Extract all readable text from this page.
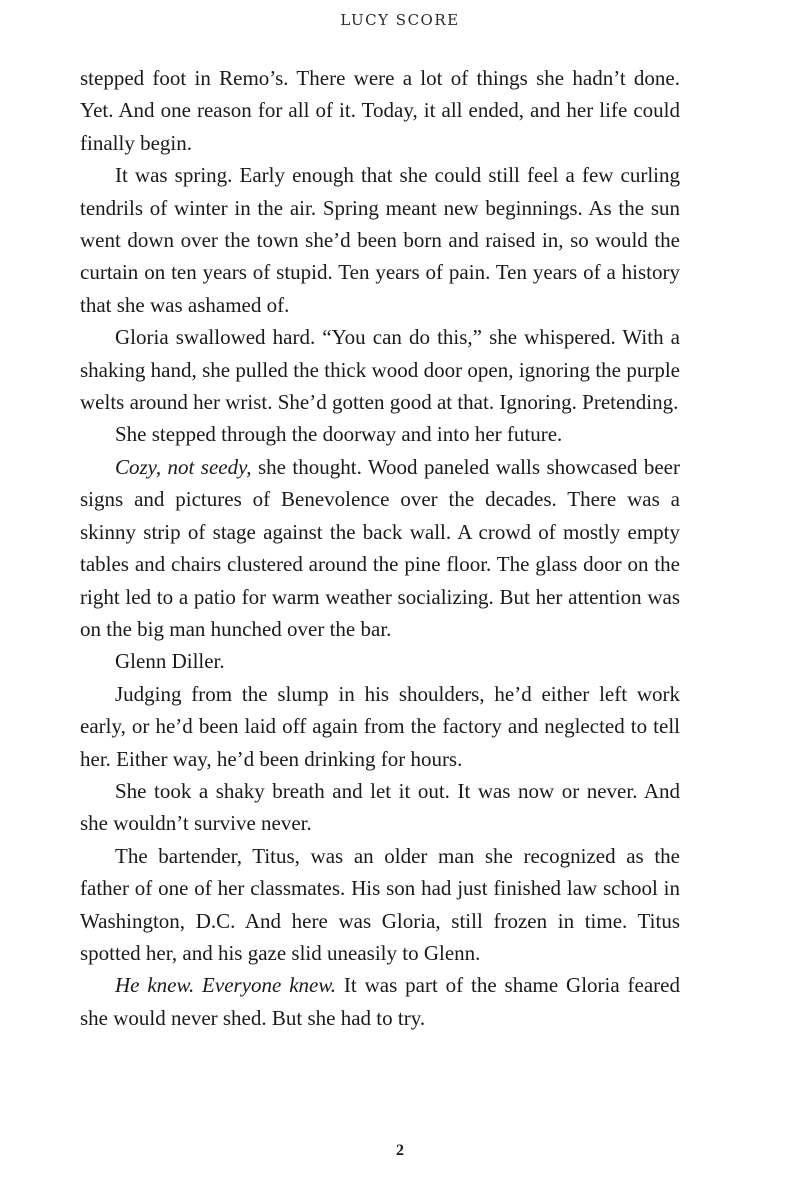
LUCY SCORE

stepped foot in Remo’s. There were a lot of things she hadn’t done. Yet. And one reason for all of it. Today, it all ended, and her life could finally begin.

It was spring. Early enough that she could still feel a few curling tendrils of winter in the air. Spring meant new beginnings. As the sun went down over the town she’d been born and raised in, so would the curtain on ten years of stupid. Ten years of pain. Ten years of a history that she was ashamed of.

Gloria swallowed hard. “You can do this,” she whispered. With a shaking hand, she pulled the thick wood door open, ignoring the purple welts around her wrist. She’d gotten good at that. Ignoring. Pretending.

She stepped through the doorway and into her future.

Cozy, not seedy, she thought. Wood paneled walls showcased beer signs and pictures of Benevolence over the decades. There was a skinny strip of stage against the back wall. A crowd of mostly empty tables and chairs clustered around the pine floor. The glass door on the right led to a patio for warm weather socializing. But her attention was on the big man hunched over the bar.

Glenn Diller.

Judging from the slump in his shoulders, he’d either left work early, or he’d been laid off again from the factory and neglected to tell her. Either way, he’d been drinking for hours.

She took a shaky breath and let it out. It was now or never. And she wouldn’t survive never.

The bartender, Titus, was an older man she recognized as the father of one of her classmates. His son had just finished law school in Washington, D.C. And here was Gloria, still frozen in time. Titus spotted her, and his gaze slid uneasily to Glenn.

He knew. Everyone knew. It was part of the shame Gloria feared she would never shed. But she had to try.

2
